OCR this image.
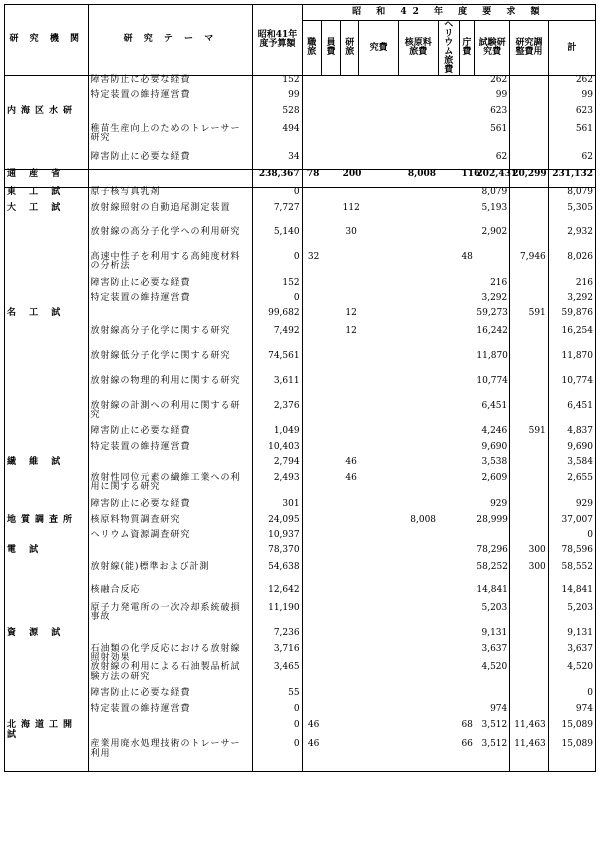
研 究 機 関	研 究 テ ー マ	昭和41年度予算額	昭 和 42 年 度 要 求 額									
			職旅	員費	研旅	究費	核原料旅費	ヘリウム旅費	庁費	試験研究費	研究調整費用	計
	障害防止に必要な経費	152								262		262
	特定装置の維持運営費	99								99		99
内海区水研		528								623		623
	稚苗生産向上のためのトレーサー研究	494								561		561
	障害防止に必要な経費	34								62		62
通 産 省		238,367	78		200		8,008		116	202,431	20,299	231,132
東 工 試	原子核写真乳剤	0								8,079		8,079
大 工 試	放射線照射の自動追尾測定装置	7,727			112					5,193		5,305
	放射線の高分子化学への利用研究	5,140			30					2,902		2,932
	高速中性子を利用する高純度材料の分析法	0	32						48		7,946	8,026
	障害防止に必要な経費	152								216		216
	特定装置の維持運営費	0								3,292		3,292
名 工 試		99,682			12					59,273	591	59,876
	放射線高分子化学に関する研究	7,492			12					16,242		16,254
	放射線低分子化学に関する研究	74,561								11,870		11,870
	放射線の物理的利用に関する研究	3,611								10,774		10,774
	放射線の計測への利用に関する研究	2,376								6,451		6,451
	障害防止に必要な経費	1,049								4,246	591	4,837
	特定装置の維持運営費	10,403								9,690		9,690
繊 維 試		2,794			46					3,538		3,584
	放射性同位元素の繊維工業への利用に関する研究	2,493			46					2,609		2,655
	障害防止に必要な経費	301								929		929
地質調査所	核原料物質調査研究	24,095					8,008			28,999		37,007
	ヘリウム資源調査研究	10,937										0
電 試		78,370								78,296	300	78,596
	放射線(能)標準および計測	54,638								58,252	300	58,552
	核融合反応	12,642								14,841		14,841
	原子力発電所の一次冷却系統破損事故	11,190								5,203		5,203
資 源 試		7,236								9,131		9,131
	石油類の化学反応における放射線照射効果	3,716								3,637		3,637
	放射線の利用による石油製品析試験方法の研究	3,465								4,520		4,520
	障害防止に必要な経費	55										0
	特定装置の維持運営費	0								974		974
北海道工開試		0	46						68	3,512	11,463	15,089
	産業用廃水処理技術のトレーサー利用	0	46						66	3,512	11,463	15,089
